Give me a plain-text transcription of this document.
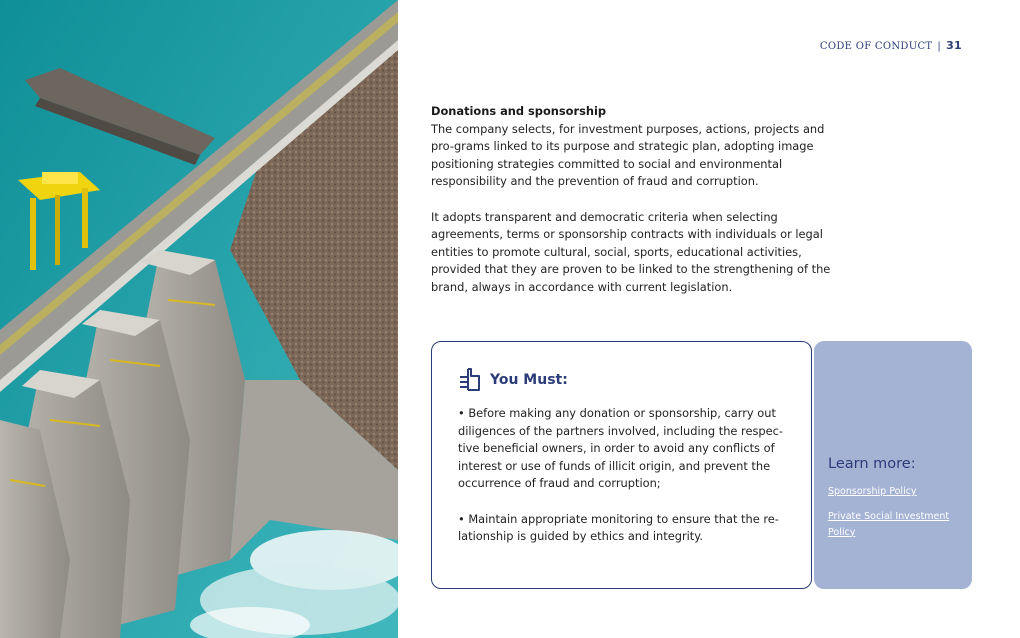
CODE OF CONDUCT | 31
Donations and sponsorship

The company selects, for investment purposes, actions, projects and pro-grams linked to its purpose and strategic plan, adopting image positioning strategies committed to social and environmental responsibility and the prevention of fraud and corruption.

It adopts transparent and democratic criteria when selecting agreements, terms or sponsorship contracts with individuals or legal entities to promote cultural, social, sports, educational activities, provided that they are proven to be linked to the strengthening of the brand, always in accordance with current legislation.

You Must:

• Before making any donation or sponsorship, carry out diligences of the partners involved, including the respec-tive beneficial owners, in order to avoid any conflicts of interest or use of funds of illicit origin, and prevent the occurrence of fraud and corruption;

• Maintain appropriate monitoring to ensure that the re-lationship is guided by ethics and integrity.

Learn more:
Sponsorship Policy
Private Social Investment Policy
